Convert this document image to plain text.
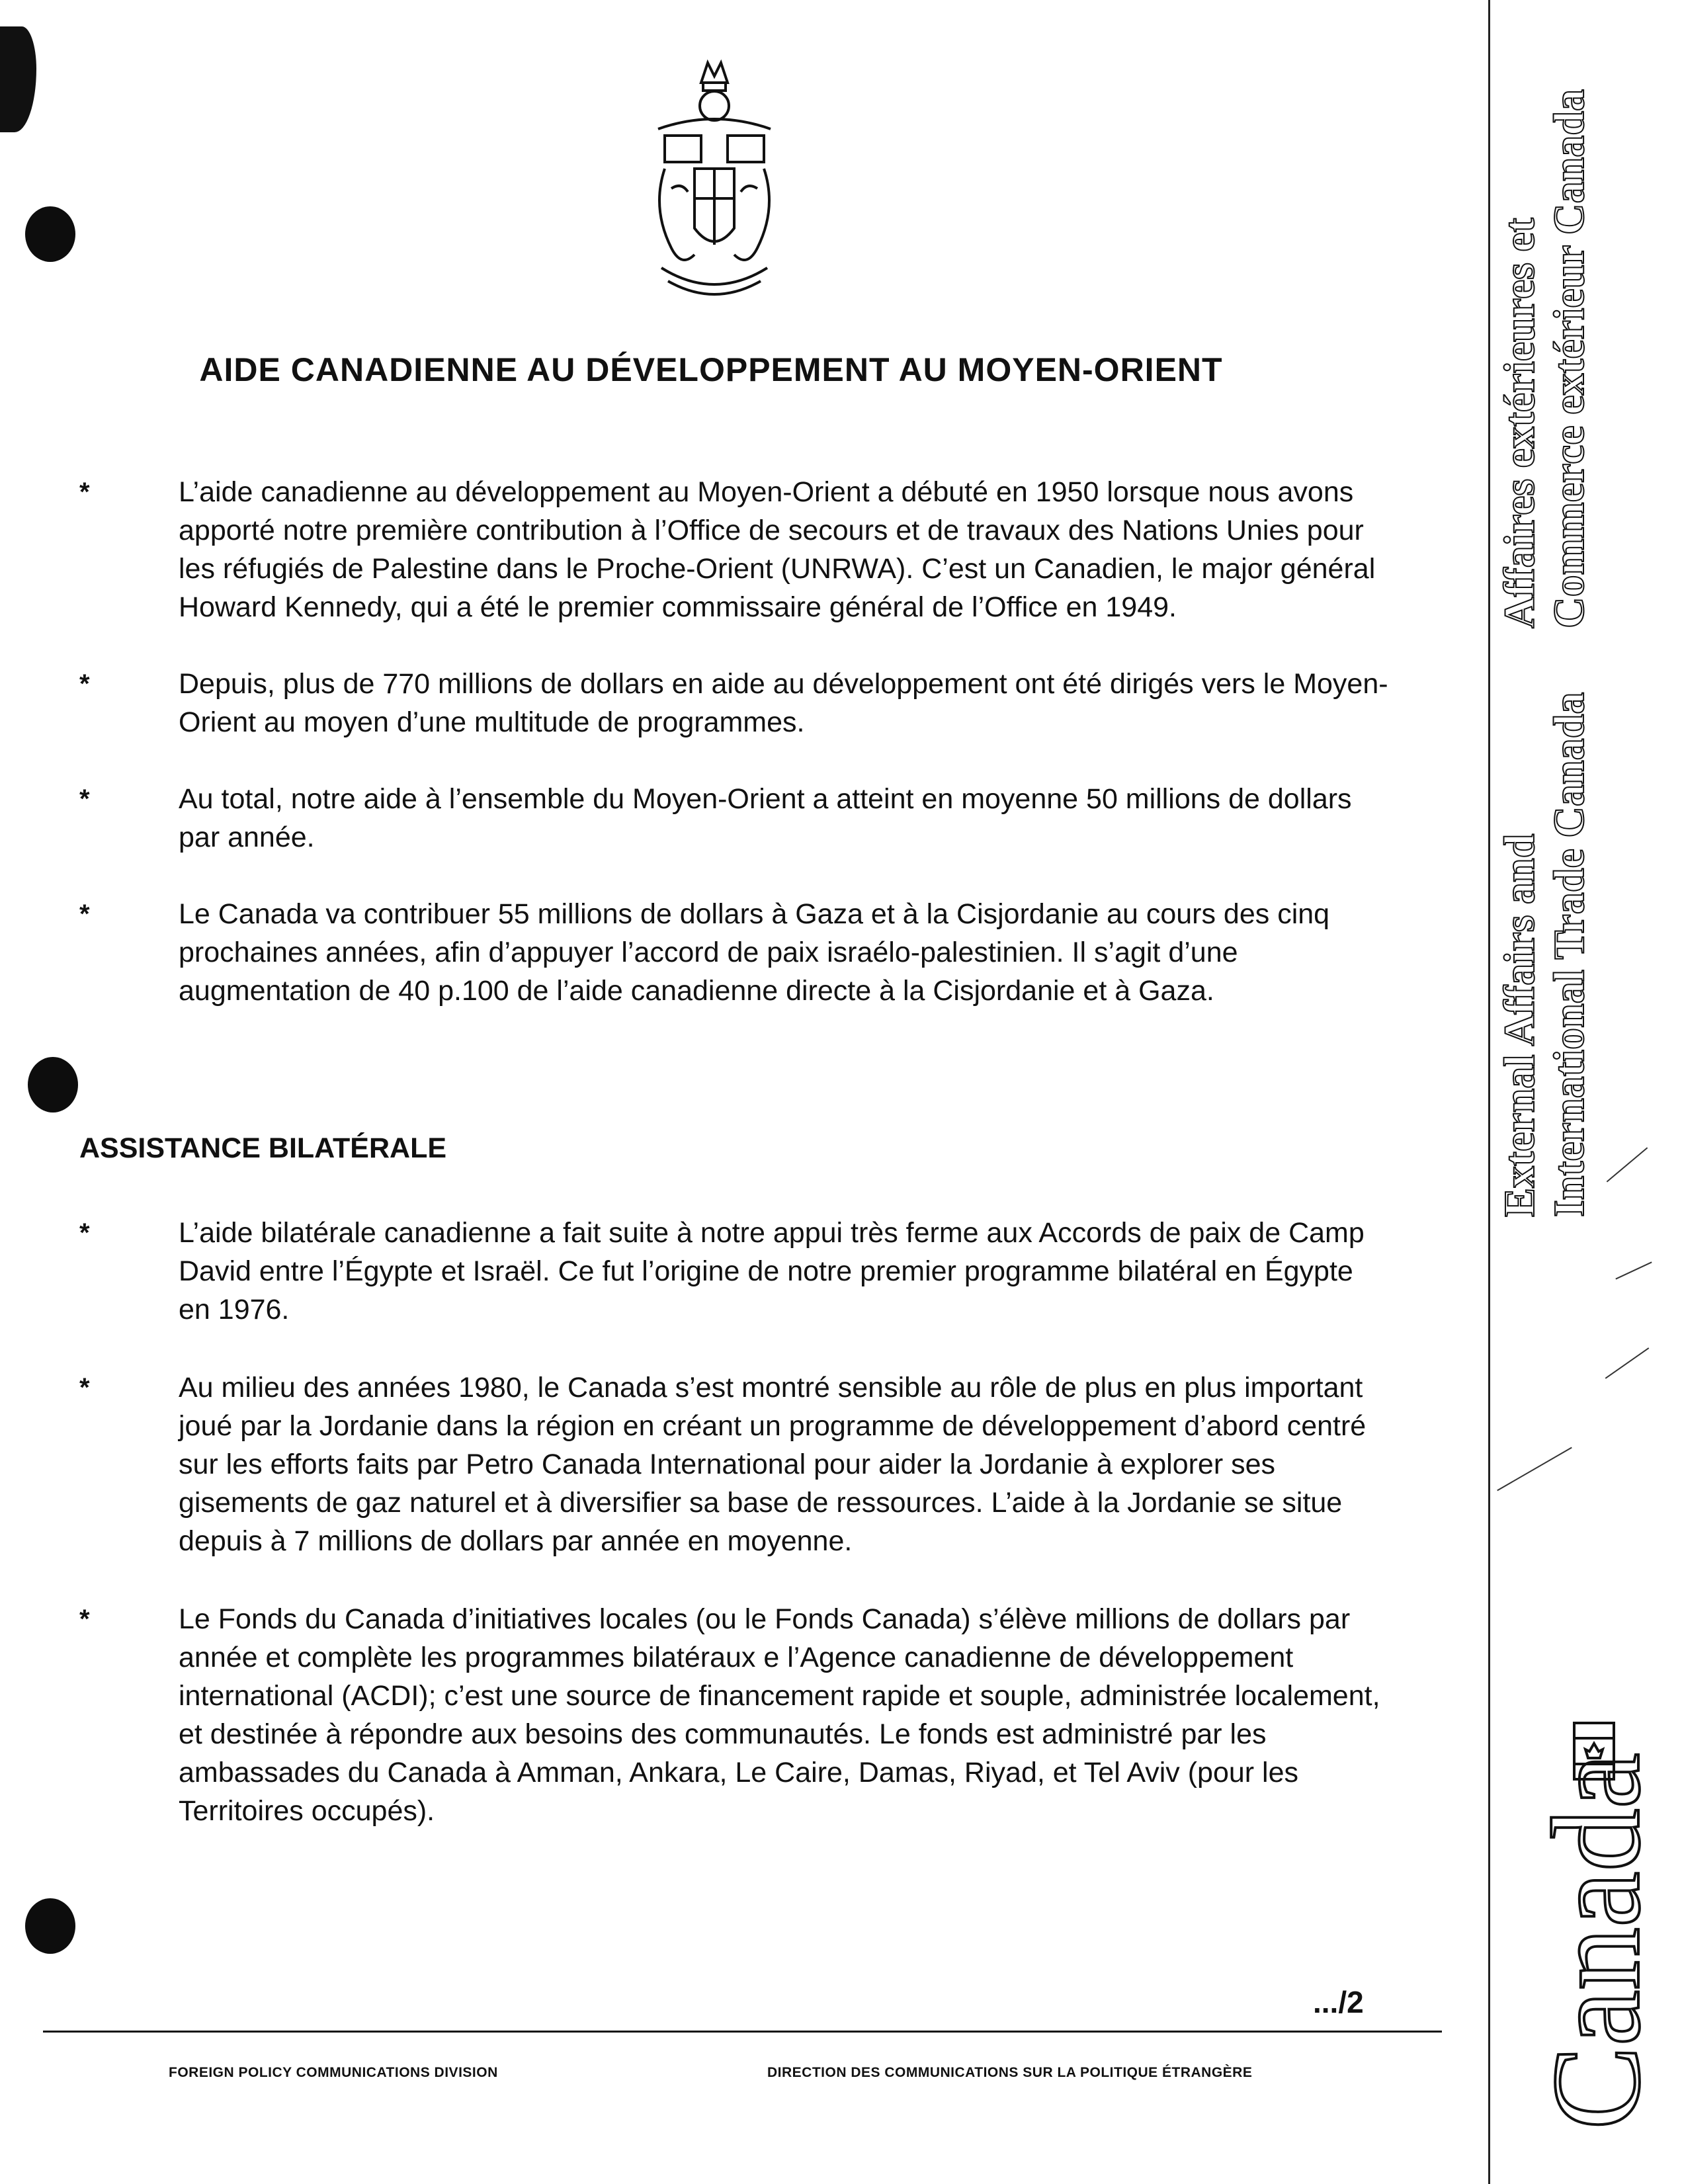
AIDE CANADIENNE AU DÉVELOPPEMENT AU MOYEN-ORIENT
*	L’aide canadienne au développement au Moyen-Orient a débuté en 1950 lorsque nous avons apporté notre première contribution à l’Office de secours et de travaux des Nations Unies pour les réfugiés de Palestine dans le Proche-Orient (UNRWA). C’est un Canadien, le major général Howard Kennedy, qui a été le premier commissaire général de l’Office en 1949.
*	Depuis, plus de 770 millions de dollars en aide au développement ont été dirigés vers le Moyen-Orient au moyen d’une multitude de programmes.
*	Au total, notre aide à l’ensemble du Moyen-Orient a atteint en moyenne 50 millions de dollars par année.
*	Le Canada va contribuer 55 millions de dollars à Gaza et à la Cisjordanie au cours des cinq prochaines années, afin d’appuyer l’accord de paix israélo-palestinien. Il s’agit d’une augmentation de 40 p.100 de l’aide canadienne directe à la Cisjordanie et à Gaza.
ASSISTANCE BILATÉRALE
*	L’aide bilatérale canadienne a fait suite à notre appui très ferme aux Accords de paix de Camp David entre l’Égypte et Israël. Ce fut l’origine de notre premier programme bilatéral en Égypte en 1976.
*	Au milieu des années 1980, le Canada s’est montré sensible au rôle de plus en plus important joué par la Jordanie dans la région en créant un programme de développement d’abord centré sur les efforts faits par Petro Canada International pour aider la Jordanie à explorer ses gisements de gaz naturel et à diversifier sa base de ressources. L’aide à la Jordanie se situe depuis à 7 millions de dollars par année en moyenne.
*	Le Fonds du Canada d’initiatives locales (ou le Fonds Canada) s’élève millions de dollars par année et complète les programmes bilatéraux e l’Agence canadienne de développement international (ACDI); c’est une source de financement rapide et souple, administrée localement, et destinée à répondre aux besoins des communautés. Le fonds est administré par les ambassades du Canada à Amman, Ankara, Le Caire, Damas, Riyad, et Tel Aviv (pour les Territoires occupés).
.../2
FOREIGN POLICY COMMUNICATIONS DIVISION	DIRECTION DES COMMUNICATIONS SUR LA POLITIQUE ÉTRANGÈRE
Affaires extérieures et Commerce extérieur Canada
External Affairs and International Trade Canada
Canada
